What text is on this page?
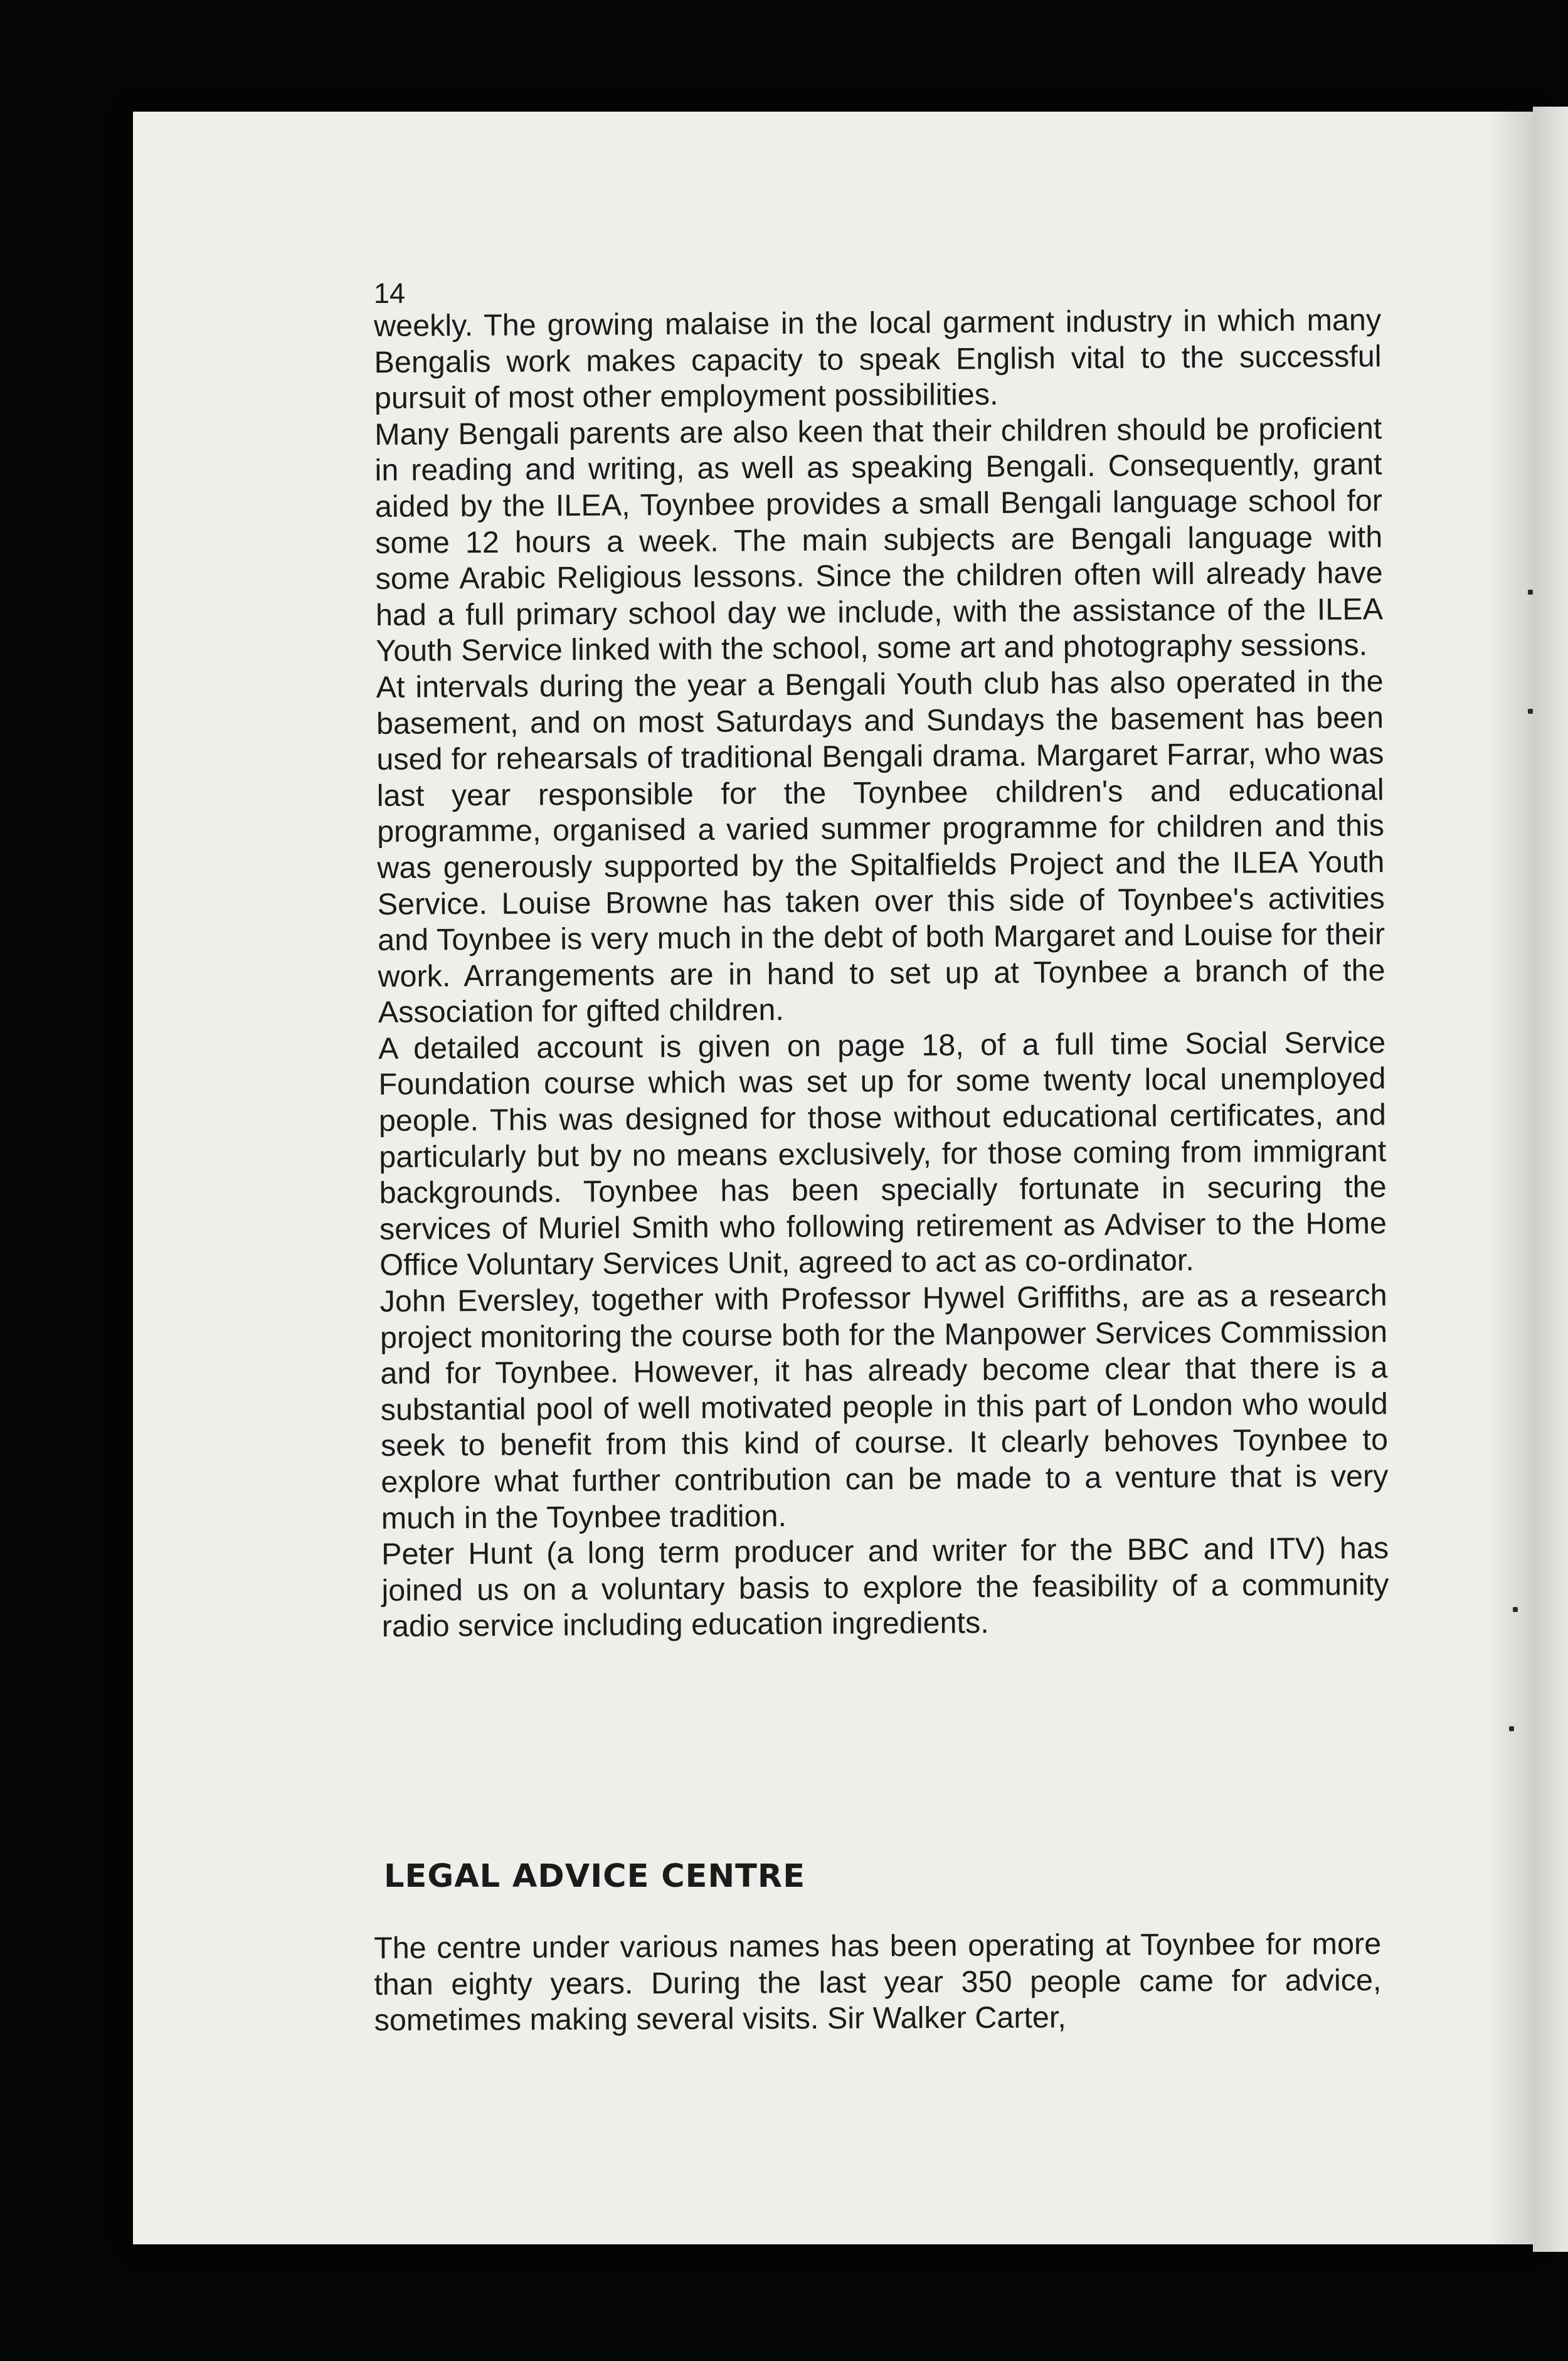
14

weekly. The growing malaise in the local garment industry in which many Bengalis work makes capacity to speak English vital to the successful pursuit of most other employment possibilities.

Many Bengali parents are also keen that their children should be proficient in reading and writing, as well as speaking Bengali. Consequently, grant aided by the ILEA, Toynbee provides a small Bengali language school for some 12 hours a week. The main subjects are Bengali language with some Arabic Religious lessons. Since the children often will already have had a full primary school day we include, with the assistance of the ILEA Youth Service linked with the school, some art and photography sessions.

At intervals during the year a Bengali Youth club has also operated in the basement, and on most Saturdays and Sundays the basement has been used for rehearsals of traditional Bengali drama. Margaret Farrar, who was last year responsible for the Toynbee children's and educational programme, organised a varied summer programme for children and this was generously supported by the Spitalfields Project and the ILEA Youth Service. Louise Browne has taken over this side of Toynbee's activities and Toynbee is very much in the debt of both Margaret and Louise for their work. Arrangements are in hand to set up at Toynbee a branch of the Association for gifted children.

A detailed account is given on page 18, of a full time Social Service Foundation course which was set up for some twenty local unemployed people. This was designed for those without educational certificates, and particularly but by no means exclusively, for those coming from immigrant backgrounds. Toynbee has been specially fortunate in securing the services of Muriel Smith who following retirement as Adviser to the Home Office Voluntary Services Unit, agreed to act as co-ordinator.

John Eversley, together with Professor Hywel Griffiths, are as a research project monitoring the course both for the Manpower Services Commission and for Toynbee. However, it has already become clear that there is a substantial pool of well motivated people in this part of London who would seek to benefit from this kind of course. It clearly behoves Toynbee to explore what further contribution can be made to a venture that is very much in the Toynbee tradition.

Peter Hunt (a long term producer and writer for the BBC and ITV) has joined us on a voluntary basis to explore the feasibility of a community radio service including education ingredients.

LEGAL ADVICE CENTRE

The centre under various names has been operating at Toynbee for more than eighty years. During the last year 350 people came for advice, sometimes making several visits. Sir Walker Carter,
